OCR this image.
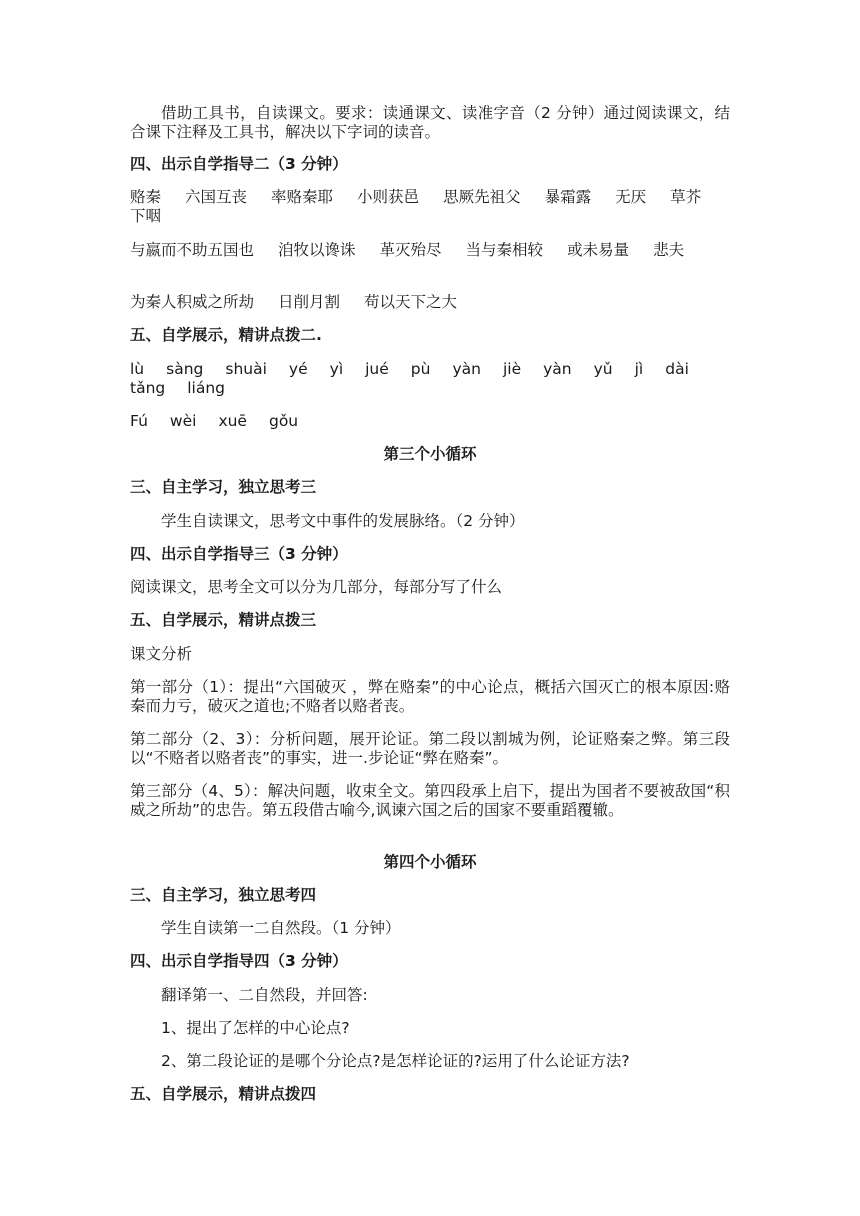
借助工具书，自读课文。要求：读通课文、读准字音（2 分钟）通过阅读课文，结合课下注释及工具书，解决以下字词的读音。

四、出示自学指导二（3 分钟）

赂秦 六国互丧 率赂秦耶 小则获邑 思厥先祖父 暴霜露 无厌 草芥下咽

与嬴而不助五国也 洎牧以谗诛 革灭殆尽 当与秦相较 或未易量 悲夫

为秦人积威之所劫 日削月割 苟以天下之大

五、自学展示，精讲点拨二.

lù sàng shuài yé yì jué pù yàn jiè yàn yǔ jì dàitǎng liáng

Fú wèi xuē gǒu

第三个小循环

三、自主学习，独立思考三

学生自读课文，思考文中事件的发展脉络。（2 分钟）

四、出示自学指导三（3 分钟）

阅读课文，思考全文可以分为几部分，每部分写了什么

五、自学展示，精讲点拨三

课文分析

第一部分（1）：提出“六国破灭 ，弊在赂秦”的中心论点，概括六国灭亡的根本原因:赂秦而力亏，破灭之道也;不赂者以赂者丧。

第二部分（2、3）：分析问题，展开论证。第二段以割城为例，论证赂秦之弊。第三段以“不赂者以赂者丧”的事实，进一.步论证“弊在赂秦”。

第三部分（4、5）：解决问题，收束全文。第四段承上启下，提出为国者不要被敌国“积威之所劫”的忠告。第五段借古喻今,讽谏六国之后的国家不要重蹈覆辙。

第四个小循环

三、自主学习，独立思考四

学生自读第一二自然段。（1 分钟）

四、出示自学指导四（3 分钟）

翻译第一、二自然段，并回答:

1、提出了怎样的中心论点?

2、第二段论证的是哪个分论点?是怎样论证的?运用了什么论证方法?

五、自学展示，精讲点拨四
